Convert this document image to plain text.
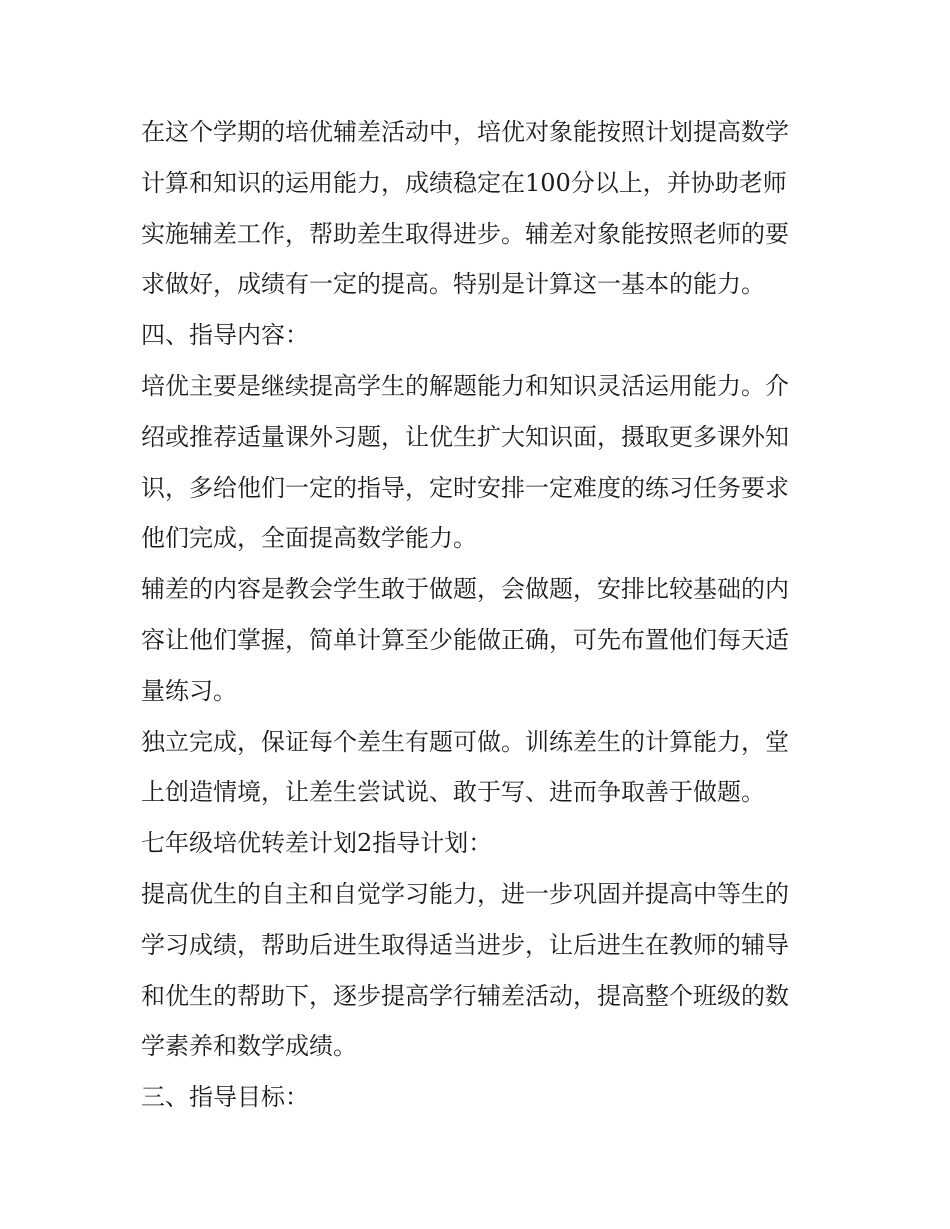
在这个学期的培优辅差活动中，培优对象能按照计划提高数学
计算和知识的运用能力，成绩稳定在100分以上，并协助老师
实施辅差工作，帮助差生取得进步。辅差对象能按照老师的要
求做好，成绩有一定的提高。特别是计算这一基本的能力。

四、指导内容：

培优主要是继续提高学生的解题能力和知识灵活运用能力。介
绍或推荐适量课外习题，让优生扩大知识面，摄取更多课外知
识，多给他们一定的指导，定时安排一定难度的练习任务要求
他们完成，全面提高数学能力。

辅差的内容是教会学生敢于做题，会做题，安排比较基础的内
容让他们掌握，简单计算至少能做正确，可先布置他们每天适
量练习。

独立完成，保证每个差生有题可做。训练差生的计算能力，堂
上创造情境，让差生尝试说、敢于写、进而争取善于做题。

七年级培优转差计划2指导计划：

提高优生的自主和自觉学习能力，进一步巩固并提高中等生的
学习成绩，帮助后进生取得适当进步，让后进生在教师的辅导
和优生的帮助下，逐步提高学行辅差活动，提高整个班级的数
学素养和数学成绩。

三、指导目标：
